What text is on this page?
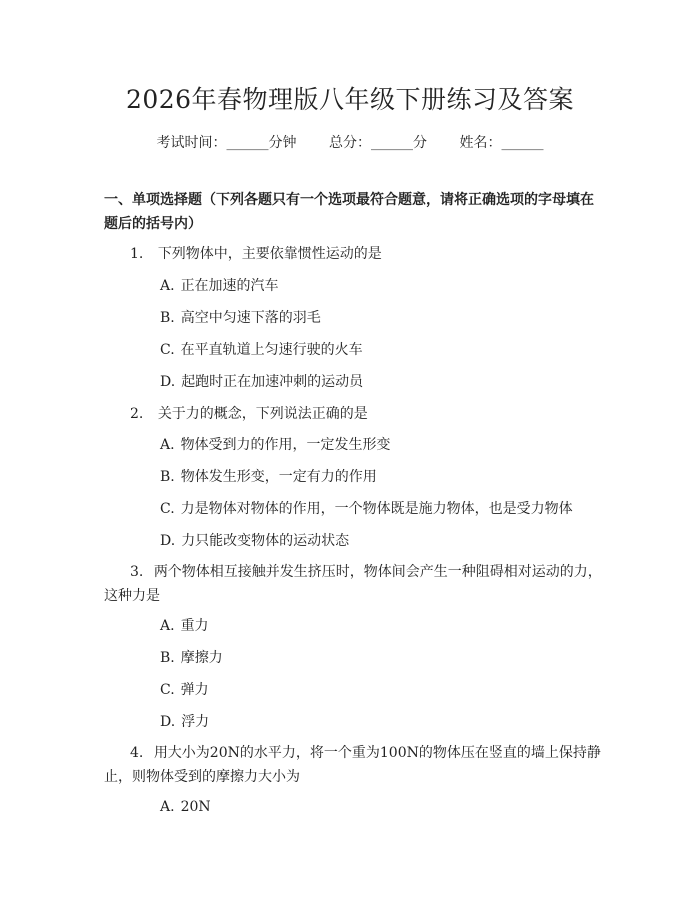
2026年春物理版八年级下册练习及答案
考试时间：______分钟 总分：______分 姓名：______
一、单项选择题（下列各题只有一个选项最符合题意，请将正确选项的字母填在题后的括号内）
1. 下列物体中，主要依靠惯性运动的是
A. 正在加速的汽车
B. 高空中匀速下落的羽毛
C. 在平直轨道上匀速行驶的火车
D. 起跑时正在加速冲刺的运动员
2. 关于力的概念，下列说法正确的是
A. 物体受到力的作用，一定发生形变
B. 物体发生形变，一定有力的作用
C. 力是物体对物体的作用，一个物体既是施力物体，也是受力物体
D. 力只能改变物体的运动状态
3. 两个物体相互接触并发生挤压时，物体间会产生一种阻碍相对运动的力，这种力是
A. 重力
B. 摩擦力
C. 弹力
D. 浮力
4. 用大小为20N的水平力，将一个重为100N的物体压在竖直的墙上保持静止，则物体受到的摩擦力大小为
A. 20N
